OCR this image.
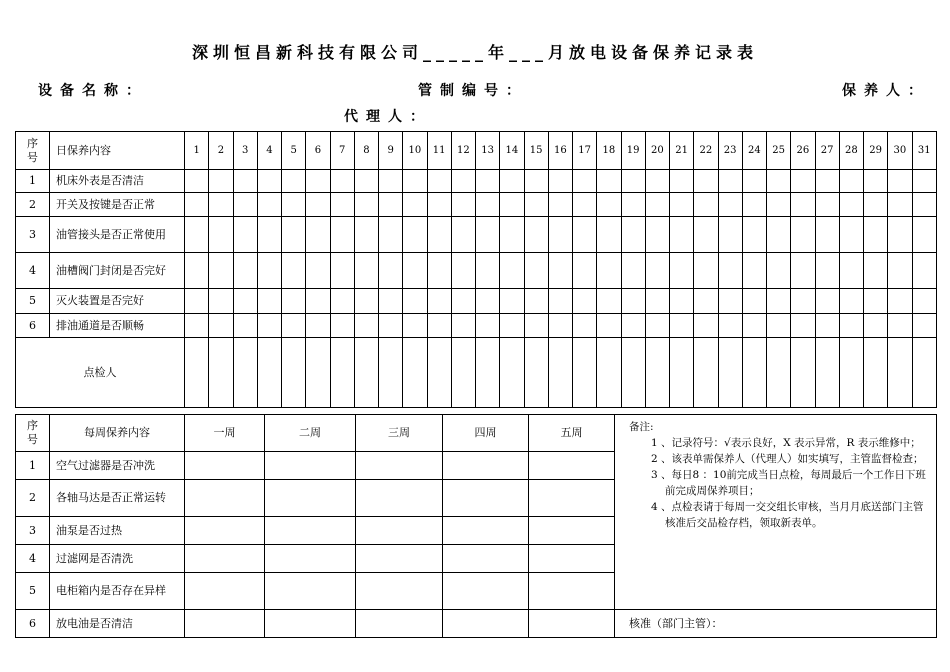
深圳恒昌新科技有限公司_____年___月放电设备保养记录表
设备名称：	管制编号：	保养人：
代理人：
序号	日保养内容	1	2	3	4	5	6	7	8	9	10	11	12	13	14	15	16	17	18	19	20	21	22	23	24	25	26	27	28	29	30	31
1	机床外表是否清洁																															
2	开关及按键是否正常																															
3	油管接头是否正常使用																															
4	油槽阀门封闭是否完好																															
5	灭火装置是否完好																															
6	排油通道是否顺畅																															
点检人																																
序号	每周保养内容	一周	二周	三周	四周	五周	备注:

1 、记录符号：√表示良好，X 表示异常，R 表示维修中；

2 、该表单需保养人（代理人）如实填写，主管监督检查；

3 、每日8 ：10前完成当日点检，每周最后一个工作日下班前完成周保养项目；

4 、点检表请于每周一交交组长审核，当月月底送部门主管核准后交品检存档，领取新表单。

1	空气过滤器是否冲洗						
2	各轴马达是否正常运转						
3	油泵是否过热						
4	过滤网是否清洗						
5	电柜箱内是否存在异样						
6	放电油是否清洁						核准（部门主管）：
